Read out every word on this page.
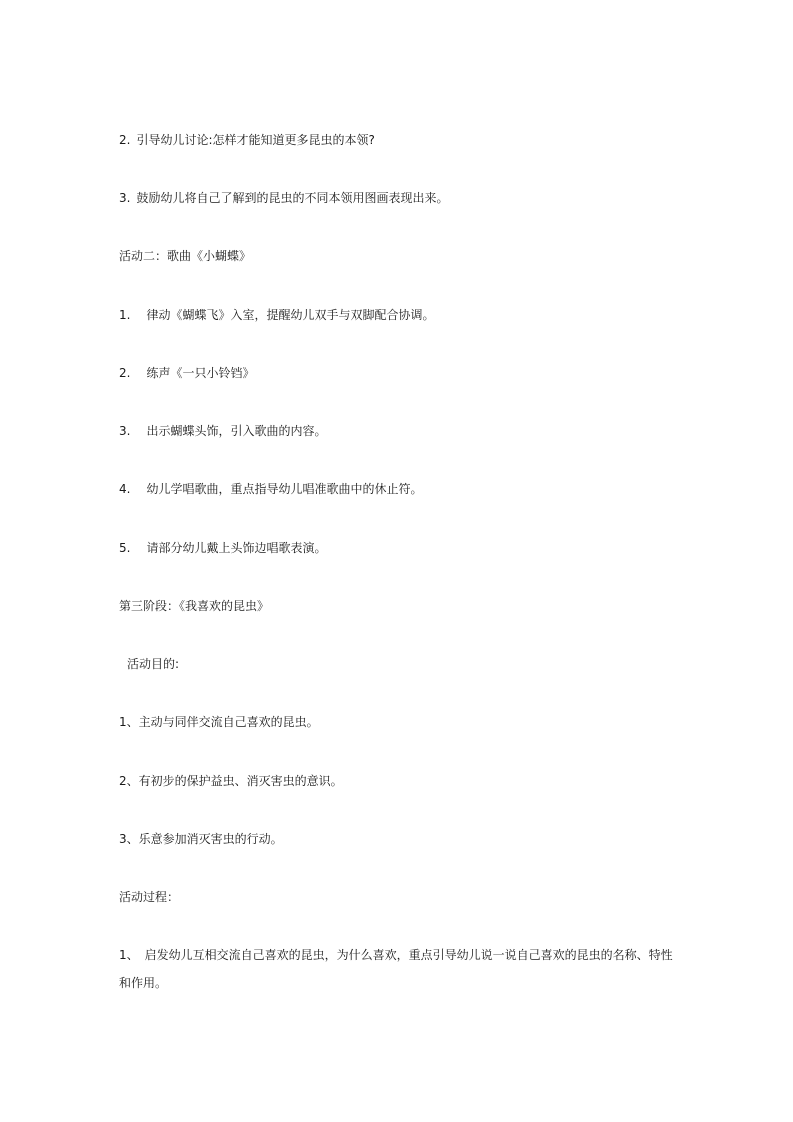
2. 引导幼儿讨论:怎样才能知道更多昆虫的本领?
3. 鼓励幼儿将自己了解到的昆虫的不同本领用图画表现出来。
活动二：歌曲《小蝴蝶》
1. 律动《蝴蝶飞》入室，提醒幼儿双手与双脚配合协调。
2. 练声《一只小铃铛》
3. 出示蝴蝶头饰，引入歌曲的内容。
4. 幼儿学唱歌曲，重点指导幼儿唱准歌曲中的休止符。
5. 请部分幼儿戴上头饰边唱歌表演。
第三阶段：《我喜欢的昆虫》
活动目的:
1、主动与同伴交流自己喜欢的昆虫。
2、有初步的保护益虫、消灭害虫的意识。
3、乐意参加消灭害虫的行动。
活动过程：
1、 启发幼儿互相交流自己喜欢的昆虫，为什么喜欢，重点引导幼儿说一说自己喜欢的昆虫的名称、特性和作用。
